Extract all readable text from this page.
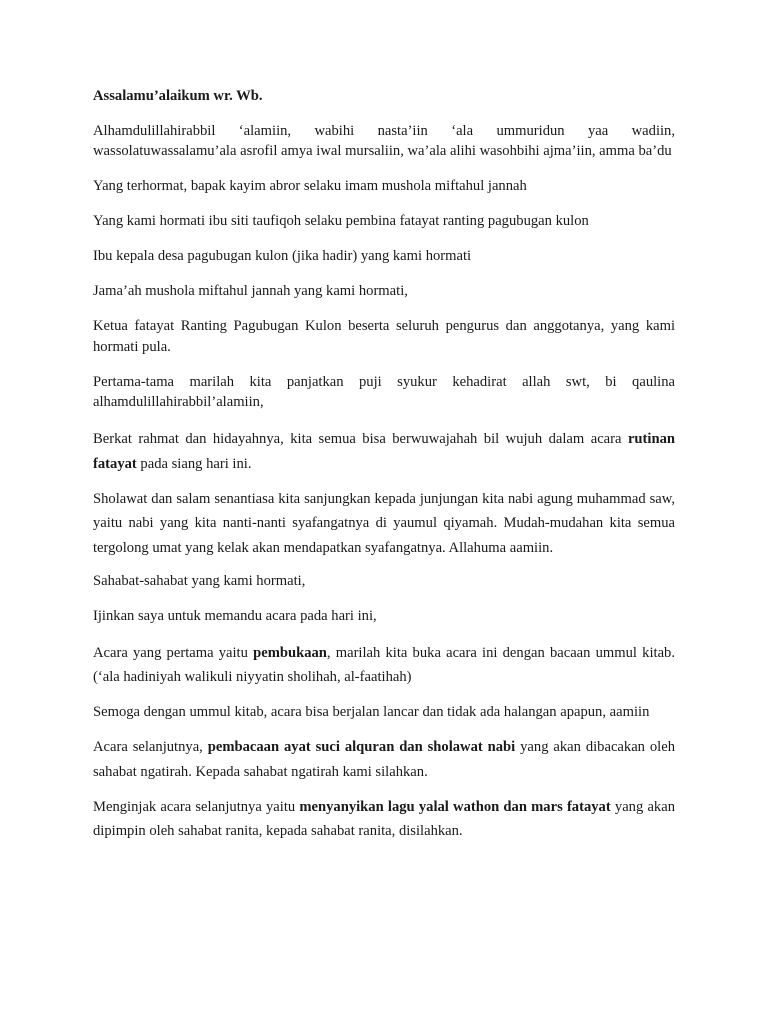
Assalamu’alaikum wr. Wb.

Alhamdulillahirabbil ‘alamiin, wabihi nasta’iin ‘ala ummuridun yaa wadiin, wassolatuwassalamu’ala asrofil amya iwal mursaliin, wa’ala alihi wasohbihi ajma’iin, amma ba’du

Yang terhormat, bapak kayim abror selaku imam mushola miftahul jannah

Yang kami hormati ibu siti taufiqoh selaku pembina fatayat ranting pagubugan kulon

Ibu kepala desa pagubugan kulon (jika hadir) yang kami hormati

Jama’ah mushola miftahul jannah yang kami hormati,

Ketua fatayat Ranting Pagubugan Kulon beserta seluruh pengurus dan anggotanya, yang kami hormati pula.

Pertama-tama marilah kita panjatkan puji syukur kehadirat allah swt, bi qaulina alhamdulillahirabbil’alamiin,

Berkat rahmat dan hidayahnya, kita semua bisa berwuwajahah bil wujuh dalam acara rutinan fatayat pada siang hari ini.

Sholawat dan salam senantiasa kita sanjungkan kepada junjungan kita nabi agung muhammad saw, yaitu nabi yang kita nanti-nanti syafangatnya di yaumul qiyamah. Mudah-mudahan kita semua tergolong umat yang kelak akan mendapatkan syafangatnya. Allahuma aamiin.

Sahabat-sahabat yang kami hormati,

Ijinkan saya untuk memandu acara pada hari ini,

Acara yang pertama yaitu pembukaan, marilah kita buka acara ini dengan bacaan ummul kitab. (‘ala hadiniyah walikuli niyyatin sholihah, al-faatihah)

Semoga dengan ummul kitab, acara bisa berjalan lancar dan tidak ada halangan apapun, aamiin

Acara selanjutnya, pembacaan ayat suci alquran dan sholawat nabi yang akan dibacakan oleh sahabat ngatirah. Kepada sahabat ngatirah kami silahkan.

Menginjak acara selanjutnya yaitu menyanyikan lagu yalal wathon dan mars fatayat yang akan dipimpin oleh sahabat ranita, kepada sahabat ranita, disilahkan.
